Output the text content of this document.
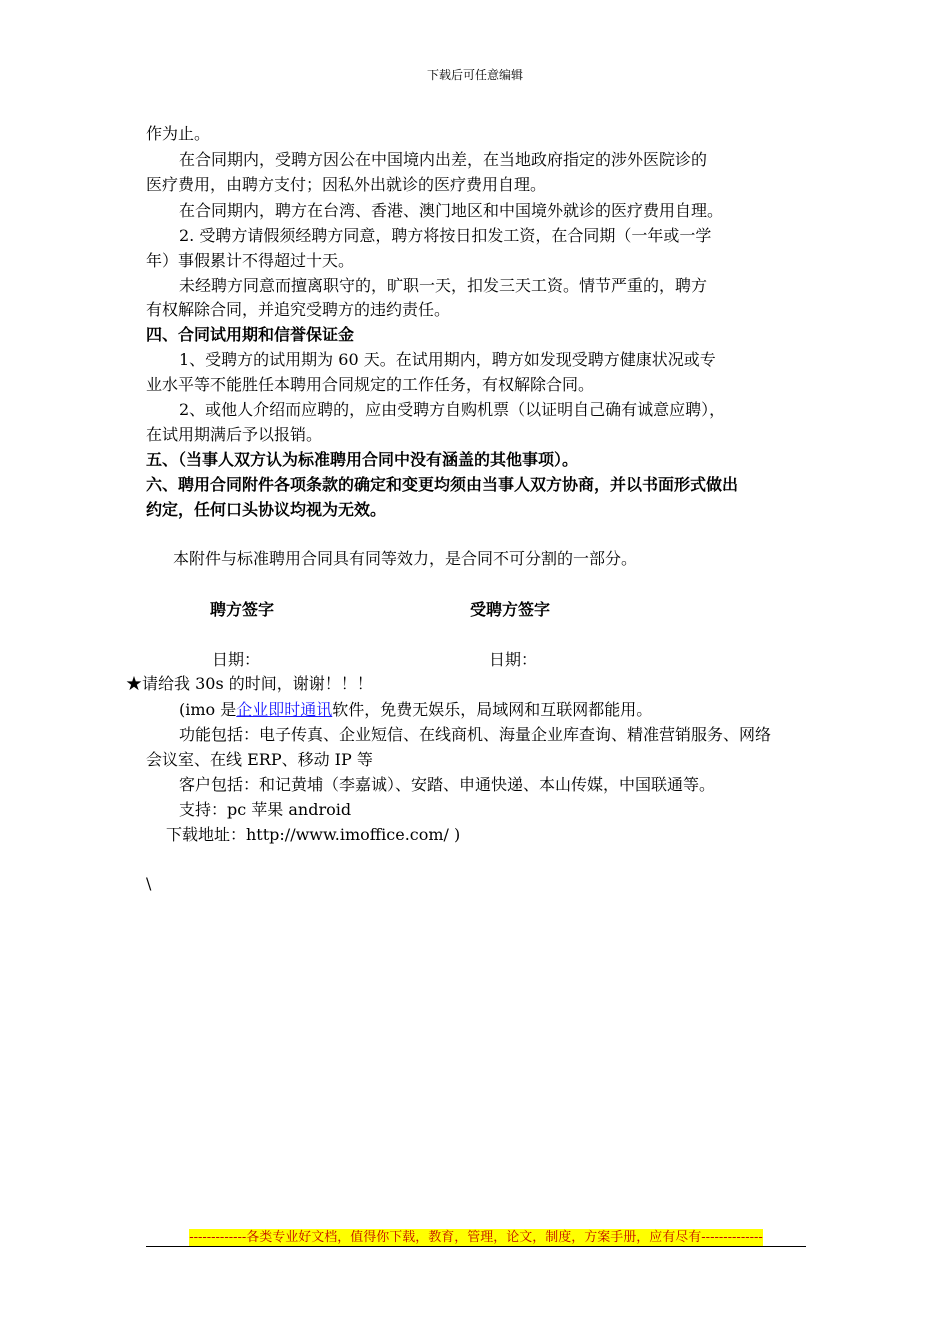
下载后可任意编辑
作为止。
在合同期内，受聘方因公在中国境内出差，在当地政府指定的涉外医院诊的
医疗费用，由聘方支付；因私外出就诊的医疗费用自理。
在合同期内，聘方在台湾、香港、澳门地区和中国境外就诊的医疗费用自理。
2. 受聘方请假须经聘方同意，聘方将按日扣发工资，在合同期（一年或一学
年）事假累计不得超过十天。
未经聘方同意而擅离职守的，旷职一天，扣发三天工资。情节严重的，聘方
有权解除合同，并追究受聘方的违约责任。
四、合同试用期和信誉保证金
1、受聘方的试用期为 60 天。在试用期内，聘方如发现受聘方健康状况或专
业水平等不能胜任本聘用合同规定的工作任务，有权解除合同。
2、或他人介绍而应聘的，应由受聘方自购机票（以证明自己确有诚意应聘），
在试用期满后予以报销。
五、（当事人双方认为标准聘用合同中没有涵盖的其他事项）。
六、聘用合同附件各项条款的确定和变更均须由当事人双方协商，并以书面形式做出
约定，任何口头协议均视为无效。
本附件与标准聘用合同具有同等效力，是合同不可分割的一部分。
聘方签字	受聘方签字
日期：	日期：
★请给我 30s 的时间，谢谢！！！
(imo 是企业即时通讯软件，免费无娱乐，局域网和互联网都能用。
功能包括：电子传真、企业短信、在线商机、海量企业库查询、精准营销服务、网络
会议室、在线 ERP、移动 IP 等
客户包括：和记黄埔（李嘉诚）、安踏、申通快递、本山传媒，中国联通等。
支持：pc 苹果 android
下载地址：http://www.imoffice.com/ )
\
-------------各类专业好文档，值得你下载，教育，管理，论文，制度，方案手册，应有尽有--------------
